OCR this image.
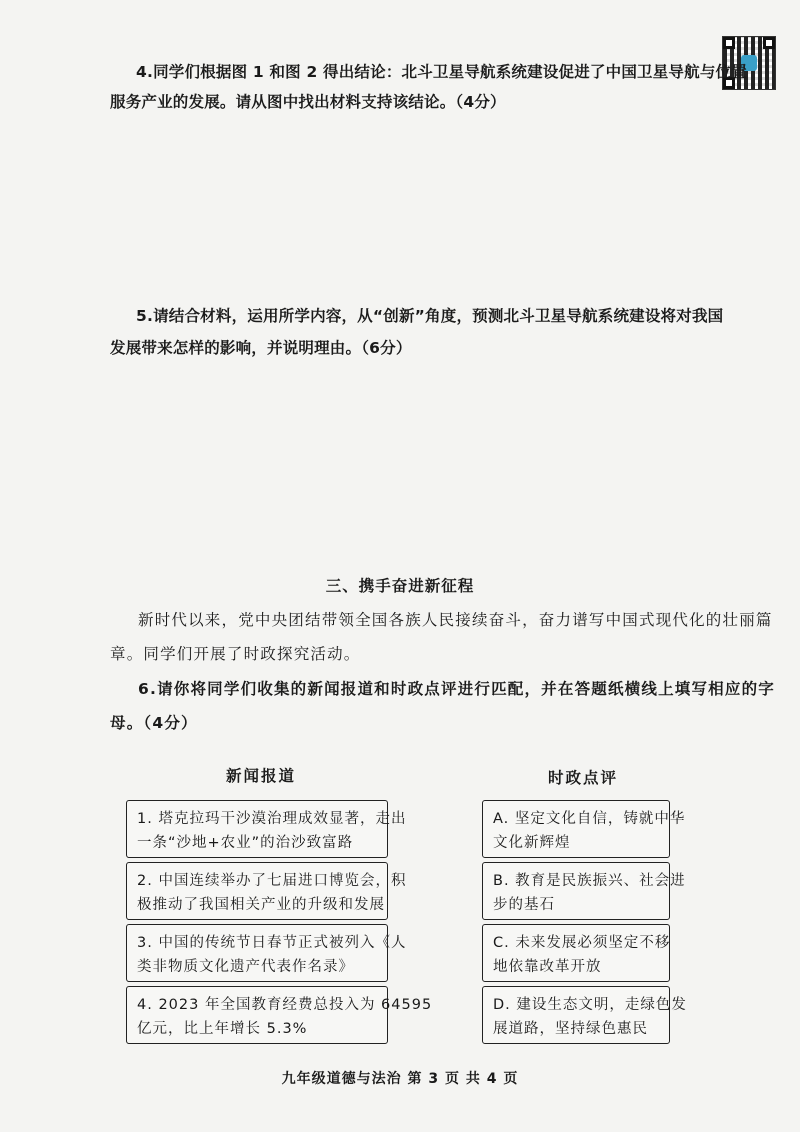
4.同学们根据图 1 和图 2 得出结论：北斗卫星导航系统建设促进了中国卫星导航与位置
服务产业的发展。请从图中找出材料支持该结论。（4分）
5.请结合材料，运用所学内容，从“创新”角度，预测北斗卫星导航系统建设将对我国
发展带来怎样的影响，并说明理由。（6分）
三、携手奋进新征程
新时代以来，党中央团结带领全国各族人民接续奋斗，奋力谱写中国式现代化的壮丽篇
章。同学们开展了时政探究活动。
6.请你将同学们收集的新闻报道和时政点评进行匹配，并在答题纸横线上填写相应的字
母。（4分）
新闻报道	时政点评
1. 塔克拉玛干沙漠治理成效显著，走出
一条“沙地+农业”的治沙致富路
2. 中国连续举办了七届进口博览会，积
极推动了我国相关产业的升级和发展
3. 中国的传统节日春节正式被列入《人
类非物质文化遗产代表作名录》
4. 2023 年全国教育经费总投入为 64595
亿元，比上年增长 5.3%
A. 坚定文化自信，铸就中华
文化新辉煌
B. 教育是民族振兴、社会进
步的基石
C. 未来发展必须坚定不移
地依靠改革开放
D. 建设生态文明，走绿色发
展道路，坚持绿色惠民
九年级道德与法治 第 3 页 共 4 页
